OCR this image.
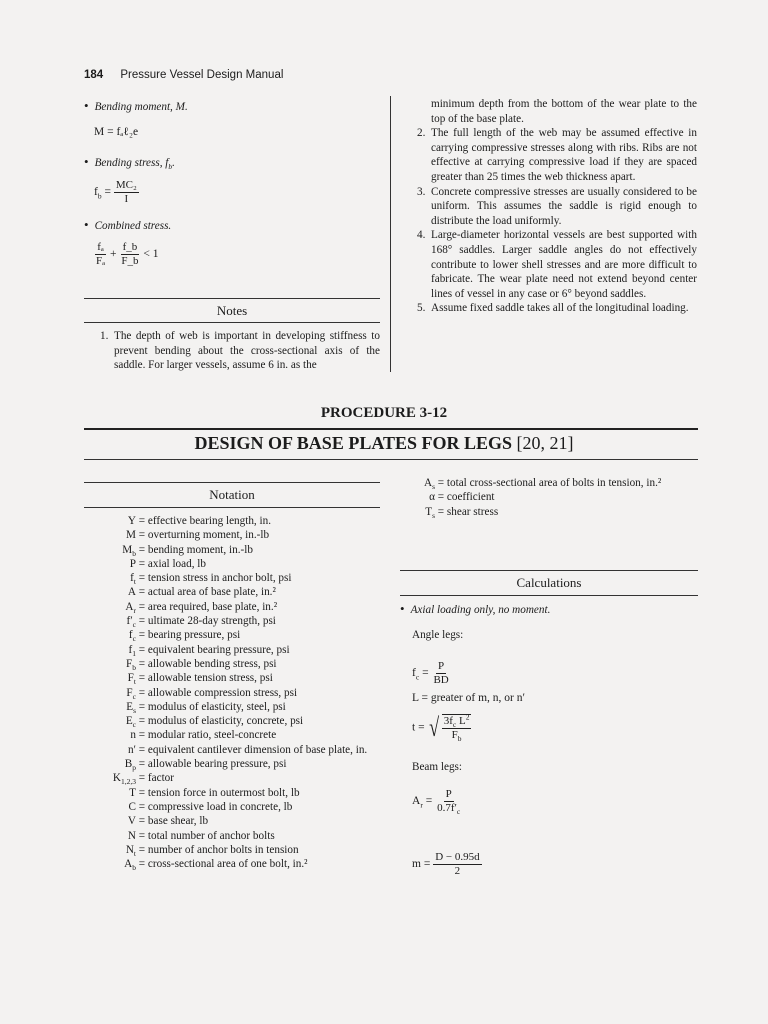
184 Pressure Vessel Design Manual
• Bending moment, M.
M = fₐℓ₂e
• Bending stress, $f_b$.
$f_b = \frac{\text{MC₂}}{I}$
• Combined stress.
$\frac{\text{fₐ}}{\text{Fₐ}} + \frac{f\_b}{F\_b} < 1$
Notes
1. The depth of web is important in developing stiffness to prevent bending about the cross-sectional axis of the saddle. For larger vessels, assume 6 in. as the
minimum depth from the bottom of the wear plate to the top of the base plate.
2. The full length of the web may be assumed effective in carrying compressive stresses along with ribs. Ribs are not effective at carrying compressive load if they are spaced greater than 25 times the web thickness apart.
3. Concrete compressive stresses are usually considered to be uniform. This assumes the saddle is rigid enough to distribute the load uniformly.
4. Large-diameter horizontal vessels are best supported with 168° saddles. Larger saddle angles do not effectively contribute to lower shell stresses and are more difficult to fabricate. The wear plate need not extend beyond center lines of vessel in any case or 6° beyond saddles.
5. Assume fixed saddle takes all of the longitudinal loading.
PROCEDURE 3-12
DESIGN OF BASE PLATES FOR LEGS [20, 21]
Notation
Y = effective bearing length, in.
M = overturning moment, in.-lb
$M_b$ = bending moment, in.-lb
P = axial load, lb
$f_t$ = tension stress in anchor bolt, psi
A = actual area of base plate, in.²
$A_r$ = area required, base plate, in.²
$f'_c$ = ultimate 28-day strength, psi
$f_c$ = bearing pressure, psi
$f_1$ = equivalent bearing pressure, psi
$F_b$ = allowable bending stress, psi
$F_t$ = allowable tension stress, psi
$F_c$ = allowable compression stress, psi
$E_s$ = modulus of elasticity, steel, psi
$E_c$ = modulus of elasticity, concrete, psi
n = modular ratio, steel-concrete
n′ = equivalent cantilever dimension of base plate, in.
$B_p$ = allowable bearing pressure, psi
$K_{1,2,3}$ = factor
T = tension force in outermost bolt, lb
C = compressive load in concrete, lb
V = base shear, lb
N = total number of anchor bolts
$N_t$ = number of anchor bolts in tension
$A_b$ = cross-sectional area of one bolt, in.²
$A_s$ = total cross-sectional area of bolts in tension, in.²
α = coefficient
$T_s$ = shear stress
Calculations
• Axial loading only, no moment.
Angle legs:
$f_c = \frac{P}{BD}$
L = greater of m, n, or n′
t = √ $\frac{3f_c L^2}{F_b}$
Beam legs:
$A_r = \frac{P}{0.7f'_c}$
$m = \frac{D - 0.95d}{2}$
